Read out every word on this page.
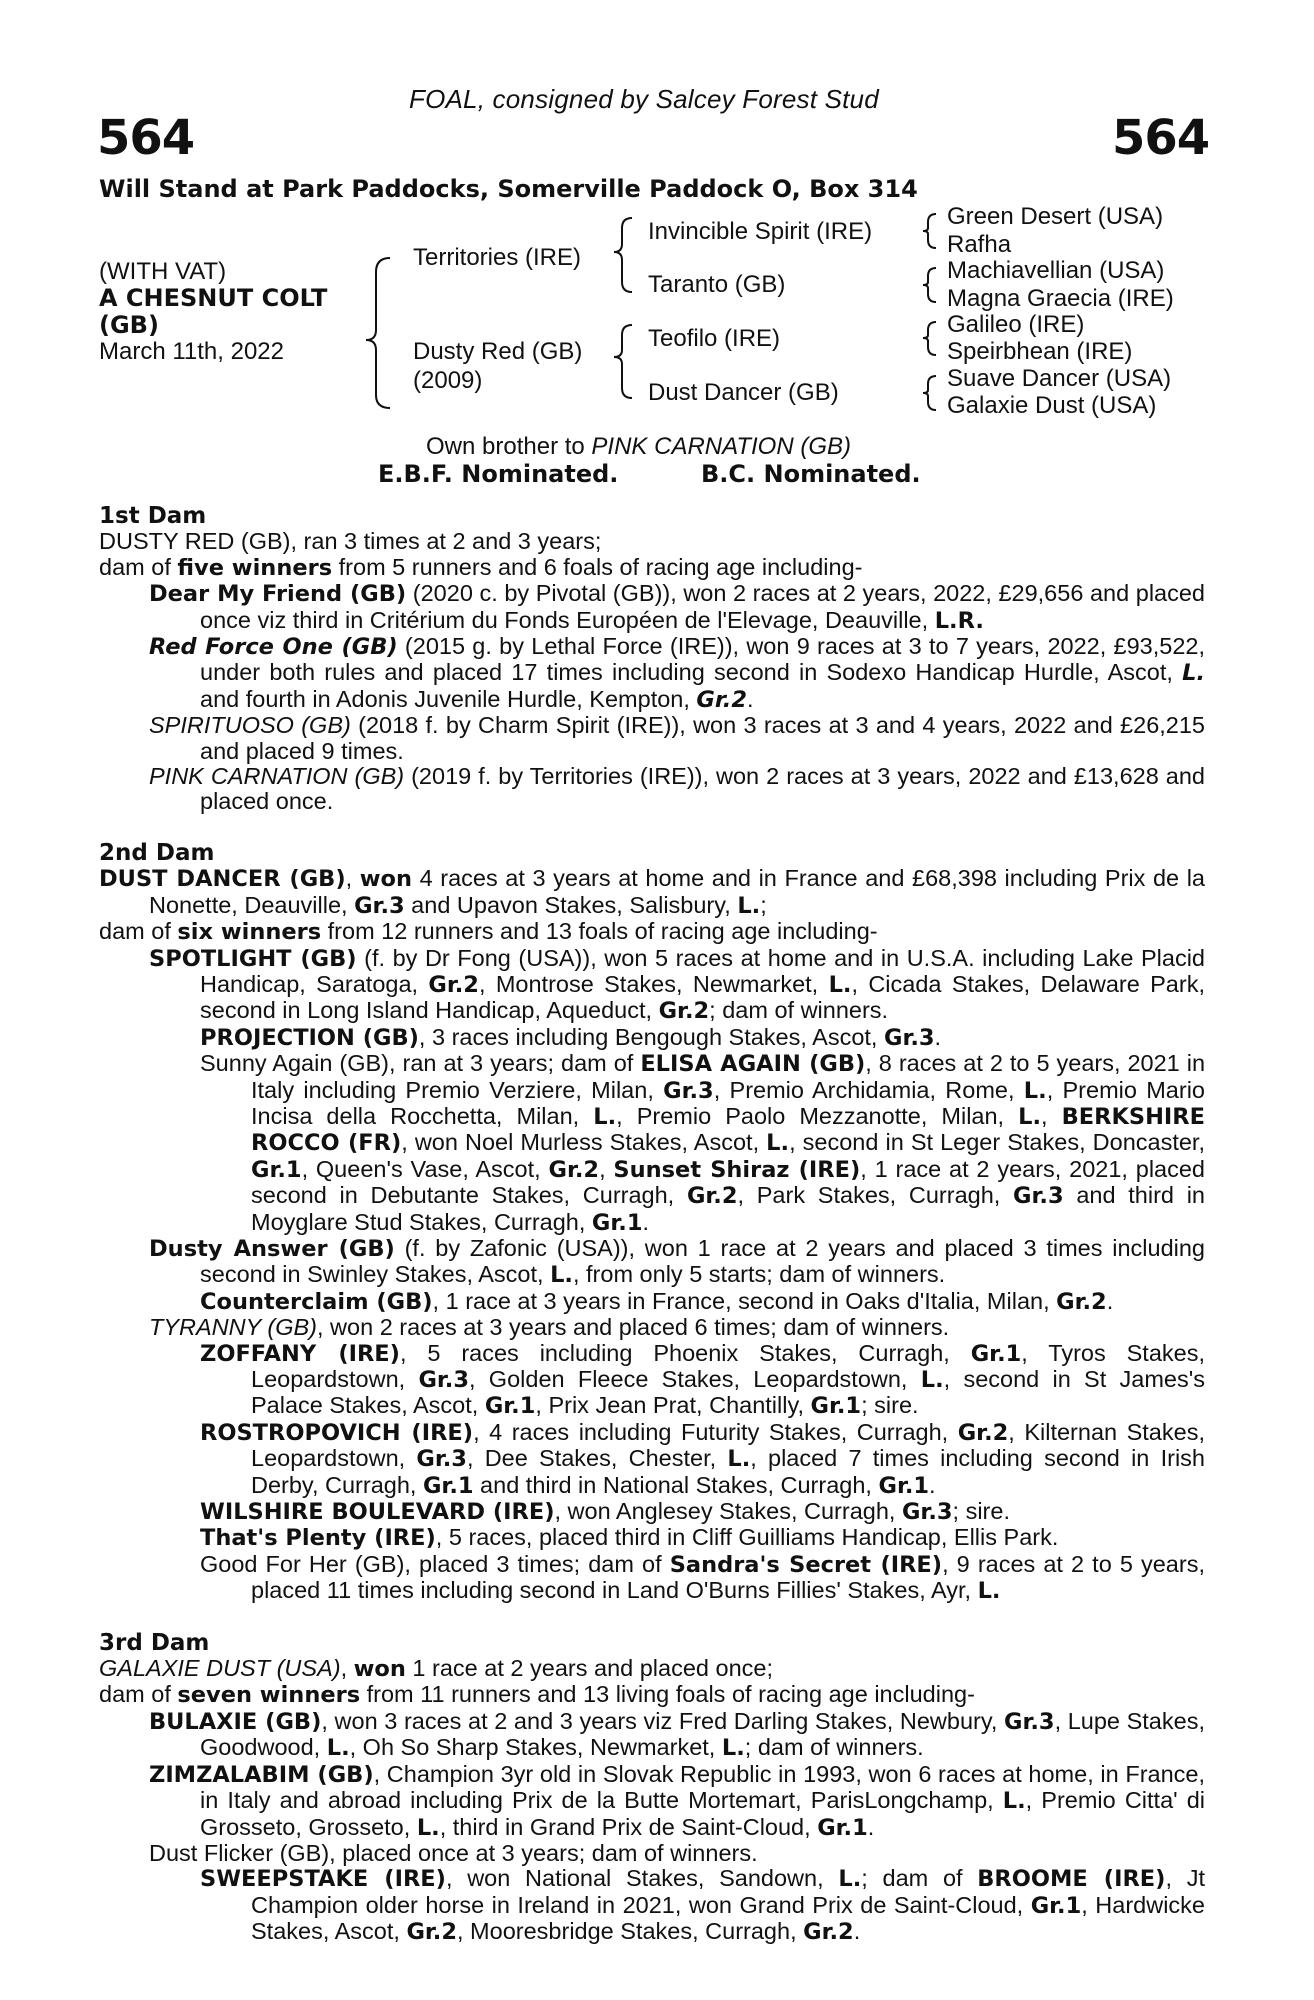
FOAL, consigned by Salcey Forest Stud
564	564
Will Stand at Park Paddocks, Somerville Paddock O, Box 314
(WITH VAT)
A CHESNUT COLT
(GB)
March 11th, 2022
Territories (IRE)
Dusty Red (GB)
(2009)
Invincible Spirit (IRE)
Taranto (GB)
Teofilo (IRE)
Dust Dancer (GB)
Green Desert (USA)
Rafha
Machiavellian (USA)
Magna Graecia (IRE)
Galileo (IRE)
Speirbhean (IRE)
Suave Dancer (USA)
Galaxie Dust (USA)
Own brother to PINK CARNATION (GB)
E.B.F. Nominated.	B.C. Nominated.
1st Dam
DUSTY RED (GB), ran 3 times at 2 and 3 years;
dam of five winners from 5 runners and 6 foals of racing age including-
Dear My Friend (GB) (2020 c. by Pivotal (GB)), won 2 races at 2 years, 2022, £29,656 and placed once viz third in Critérium du Fonds Européen de l'Elevage, Deauville, L.R.
Red Force One (GB) (2015 g. by Lethal Force (IRE)), won 9 races at 3 to 7 years, 2022, £93,522, under both rules and placed 17 times including second in Sodexo Handicap Hurdle, Ascot, L. and fourth in Adonis Juvenile Hurdle, Kempton, Gr.2.
SPIRITUOSO (GB) (2018 f. by Charm Spirit (IRE)), won 3 races at 3 and 4 years, 2022 and £26,215 and placed 9 times.
PINK CARNATION (GB) (2019 f. by Territories (IRE)), won 2 races at 3 years, 2022 and £13,628 and placed once.
2nd Dam
DUST DANCER (GB), won 4 races at 3 years at home and in France and £68,398 including Prix de la Nonette, Deauville, Gr.3 and Upavon Stakes, Salisbury, L.;
dam of six winners from 12 runners and 13 foals of racing age including-
SPOTLIGHT (GB) (f. by Dr Fong (USA)), won 5 races at home and in U.S.A. including Lake Placid Handicap, Saratoga, Gr.2, Montrose Stakes, Newmarket, L., Cicada Stakes, Delaware Park, second in Long Island Handicap, Aqueduct, Gr.2; dam of winners.
PROJECTION (GB), 3 races including Bengough Stakes, Ascot, Gr.3.
Sunny Again (GB), ran at 3 years; dam of ELISA AGAIN (GB), 8 races at 2 to 5 years, 2021 in Italy including Premio Verziere, Milan, Gr.3, Premio Archidamia, Rome, L., Premio Mario Incisa della Rocchetta, Milan, L., Premio Paolo Mezzanotte, Milan, L., BERKSHIRE ROCCO (FR), won Noel Murless Stakes, Ascot, L., second in St Leger Stakes, Doncaster, Gr.1, Queen's Vase, Ascot, Gr.2, Sunset Shiraz (IRE), 1 race at 2 years, 2021, placed second in Debutante Stakes, Curragh, Gr.2, Park Stakes, Curragh, Gr.3 and third in Moyglare Stud Stakes, Curragh, Gr.1.
Dusty Answer (GB) (f. by Zafonic (USA)), won 1 race at 2 years and placed 3 times including second in Swinley Stakes, Ascot, L., from only 5 starts; dam of winners.
Counterclaim (GB), 1 race at 3 years in France, second in Oaks d'Italia, Milan, Gr.2.
TYRANNY (GB), won 2 races at 3 years and placed 6 times; dam of winners.
ZOFFANY (IRE), 5 races including Phoenix Stakes, Curragh, Gr.1, Tyros Stakes, Leopardstown, Gr.3, Golden Fleece Stakes, Leopardstown, L., second in St James's Palace Stakes, Ascot, Gr.1, Prix Jean Prat, Chantilly, Gr.1; sire.
ROSTROPOVICH (IRE), 4 races including Futurity Stakes, Curragh, Gr.2, Kilternan Stakes, Leopardstown, Gr.3, Dee Stakes, Chester, L., placed 7 times including second in Irish Derby, Curragh, Gr.1 and third in National Stakes, Curragh, Gr.1.
WILSHIRE BOULEVARD (IRE), won Anglesey Stakes, Curragh, Gr.3; sire.
That's Plenty (IRE), 5 races, placed third in Cliff Guilliams Handicap, Ellis Park.
Good For Her (GB), placed 3 times; dam of Sandra's Secret (IRE), 9 races at 2 to 5 years, placed 11 times including second in Land O'Burns Fillies' Stakes, Ayr, L.
3rd Dam
GALAXIE DUST (USA), won 1 race at 2 years and placed once;
dam of seven winners from 11 runners and 13 living foals of racing age including-
BULAXIE (GB), won 3 races at 2 and 3 years viz Fred Darling Stakes, Newbury, Gr.3, Lupe Stakes, Goodwood, L., Oh So Sharp Stakes, Newmarket, L.; dam of winners.
ZIMZALABIM (GB), Champion 3yr old in Slovak Republic in 1993, won 6 races at home, in France, in Italy and abroad including Prix de la Butte Mortemart, ParisLongchamp, L., Premio Citta' di Grosseto, Grosseto, L., third in Grand Prix de Saint-Cloud, Gr.1.
Dust Flicker (GB), placed once at 3 years; dam of winners.
SWEEPSTAKE (IRE), won National Stakes, Sandown, L.; dam of BROOME (IRE), Jt Champion older horse in Ireland in 2021, won Grand Prix de Saint-Cloud, Gr.1, Hardwicke Stakes, Ascot, Gr.2, Mooresbridge Stakes, Curragh, Gr.2.
